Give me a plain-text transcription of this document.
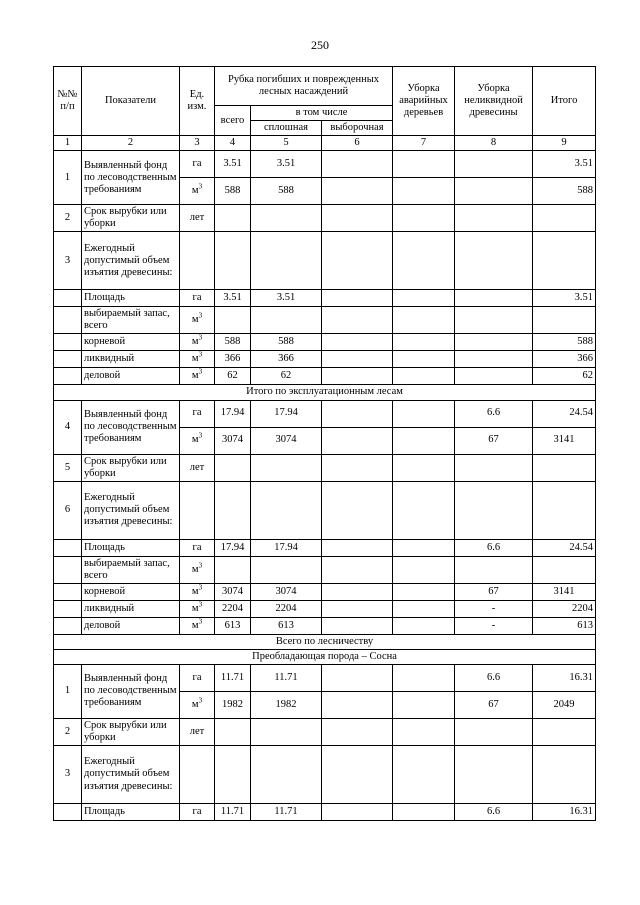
250
№№ п/п	Показатели	Ед. изм.	Рубка погибших и поврежденных лесных насаждений			Уборка аварийных деревьев	Уборка неликвидной древесины	Итого
			всего	в том числе				
				сплошная	выборочная			
1	2	3	4	5	6	7	8	9
1	Выявленный фонд по лесоводственным требованиям	га	3.51	3.51				3.51
		$м^3$	588	588				588
2	Срок вырубки или уборки	лет						
3	Ежегодный допустимый объем изъятия древесины:							
	Площадь	га	3.51	3.51				3.51
	выбираемый запас, всего	$м^3$						
	корневой	$м^3$	588	588				588
	ликвидный	$м^3$	366	366				366
	деловой	$м^3$	62	62				62
Итого по эксплуатационным лесам								
4	Выявленный фонд по лесоводственным требованиям	га	17.94	17.94			6.6	24.54
		$м^3$	3074	3074			67	3141
5	Срок вырубки или уборки	лет						
6	Ежегодный допустимый объем изъятия древесины:							
	Площадь	га	17.94	17.94			6.6	24.54
	выбираемый запас, всего	$м^3$						
	корневой	$м^3$	3074	3074			67	3141
	ликвидный	$м^3$	2204	2204			-	2204
	деловой	$м^3$	613	613			-	613
Всего по лесничеству								
Преобладающая порода – Сосна								
1	Выявленный фонд по лесоводственным требованиям	га	11.71	11.71			6.6	16.31
		$м^3$	1982	1982			67	2049
2	Срок вырубки или уборки	лет						
3	Ежегодный допустимый объем изъятия древесины:							
	Площадь	га	11.71	11.71			6.6	16.31
